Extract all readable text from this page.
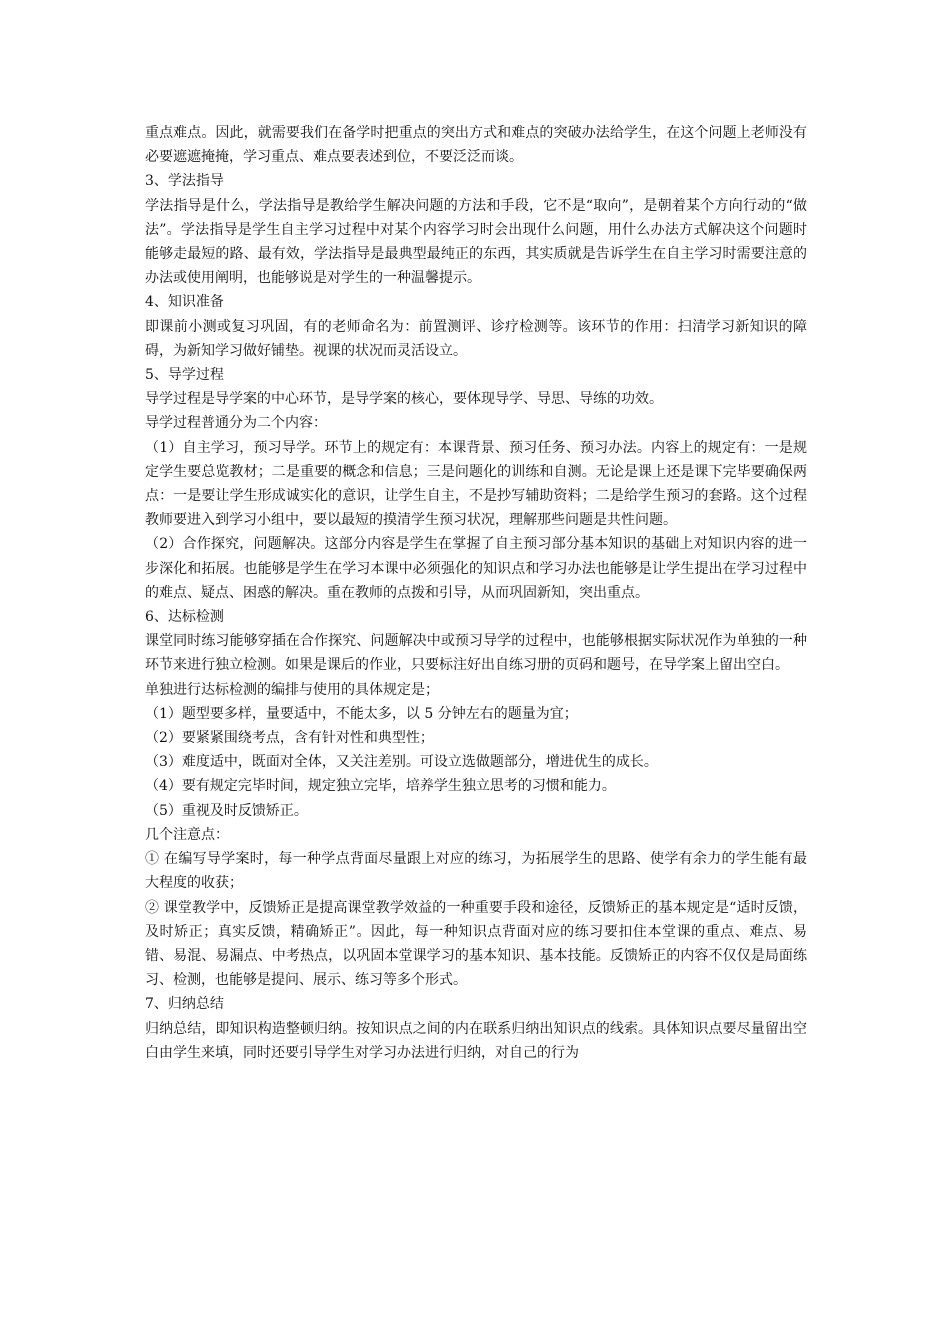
重点难点。因此，就需要我们在备学时把重点的突出方式和难点的突破办法给学生，在这个问题上老师没有必要遮遮掩掩，学习重点、难点要表述到位，不要泛泛而谈。

3、学法指导

学法指导是什么，学法指导是教给学生解决问题的方法和手段，它不是“取向”，是朝着某个方向行动的“做法”。学法指导是学生自主学习过程中对某个内容学习时会出现什么问题，用什么办法方式解决这个问题时能够走最短的路、最有效，学法指导是最典型最纯正的东西，其实质就是告诉学生在自主学习时需要注意的办法或使用阐明，也能够说是对学生的一种温馨提示。

4、知识准备

即课前小测或复习巩固，有的老师命名为：前置测评、诊疗检测等。该环节的作用：扫清学习新知识的障碍，为新知学习做好铺垫。视课的状况而灵活设立。

5、导学过程

导学过程是导学案的中心环节，是导学案的核心，要体现导学、导思、导练的功效。

导学过程普通分为二个内容：

（1）自主学习，预习导学。环节上的规定有：本课背景、预习任务、预习办法。内容上的规定有：一是规定学生要总览教材；二是重要的概念和信息；三是问题化的训练和自测。无论是课上还是课下完毕要确保两点：一是要让学生形成诚实化的意识，让学生自主，不是抄写辅助资料；二是给学生预习的套路。这个过程教师要进入到学习小组中，要以最短的摸清学生预习状况，理解那些问题是共性问题。

（2）合作探究，问题解决。这部分内容是学生在掌握了自主预习部分基本知识的基础上对知识内容的进一步深化和拓展。也能够是学生在学习本课中必须强化的知识点和学习办法也能够是让学生提出在学习过程中的难点、疑点、困惑的解决。重在教师的点拨和引导，从而巩固新知，突出重点。

6、达标检测

课堂同时练习能够穿插在合作探究、问题解决中或预习导学的过程中，也能够根据实际状况作为单独的一种环节来进行独立检测。如果是课后的作业，只要标注好出自练习册的页码和题号，在导学案上留出空白。

单独进行达标检测的编排与使用的具体规定是；

（1）题型要多样，量要适中，不能太多，以 5 分钟左右的题量为宜；

（2）要紧紧围绕考点，含有针对性和典型性；

（3）难度适中，既面对全体，又关注差别。可设立选做题部分，增进优生的成长。

（4）要有规定完毕时间，规定独立完毕，培养学生独立思考的习惯和能力。

（5）重视及时反馈矫正。

几个注意点：

① 在编写导学案时，每一种学点背面尽量跟上对应的练习，为拓展学生的思路、使学有余力的学生能有最大程度的收获；

② 课堂教学中，反馈矫正是提高课堂教学效益的一种重要手段和途径，反馈矫正的基本规定是“适时反馈，及时矫正；真实反馈，精确矫正”。因此，每一种知识点背面对应的练习要扣住本堂课的重点、难点、易错、易混、易漏点、中考热点，以巩固本堂课学习的基本知识、基本技能。反馈矫正的内容不仅仅是局面练习、检测，也能够是提问、展示、练习等多个形式。

7、归纳总结

归纳总结，即知识构造整顿归纳。按知识点之间的内在联系归纳出知识点的线索。具体知识点要尽量留出空白由学生来填，同时还要引导学生对学习办法进行归纳，对自己的行为
